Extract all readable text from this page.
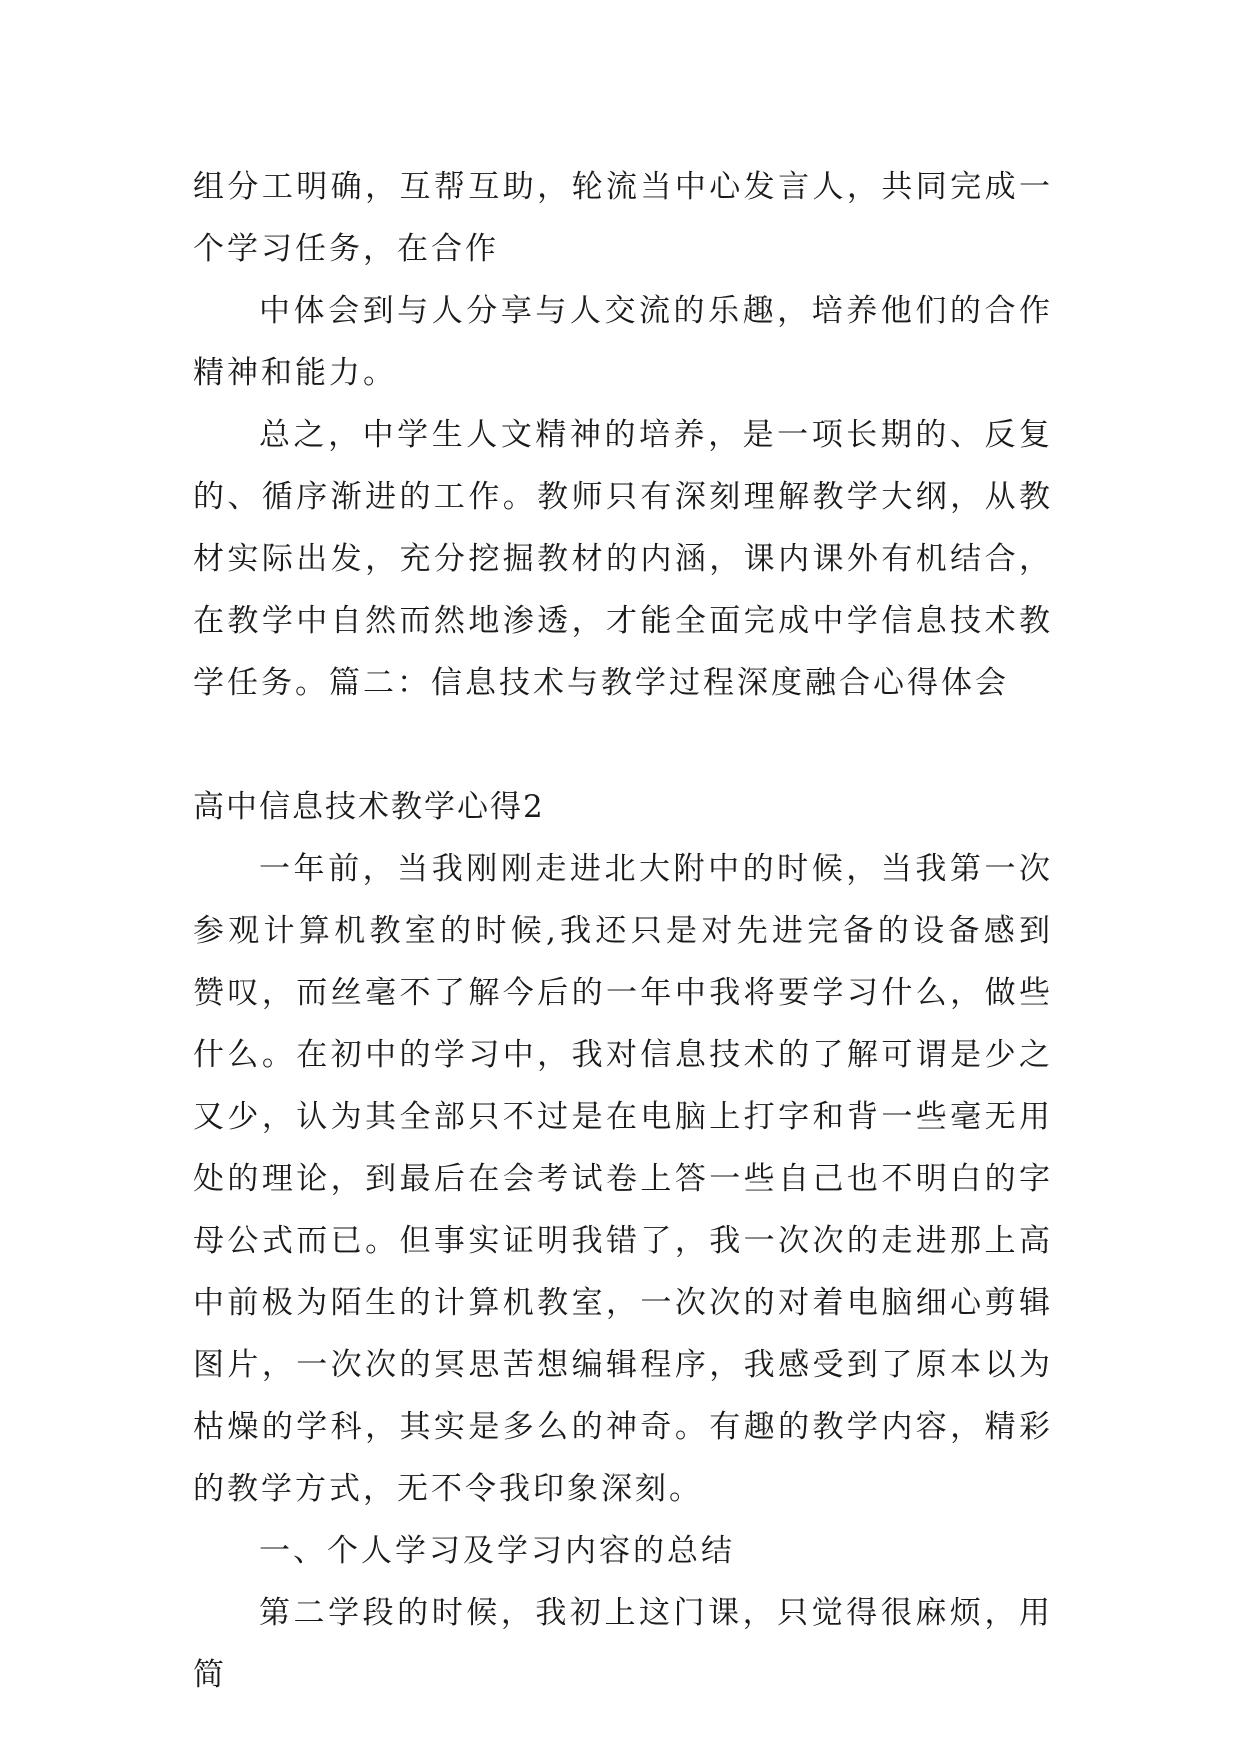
组分工明确，互帮互助，轮流当中心发言人，共同完成一个学习任务，在合作

中体会到与人分享与人交流的乐趣，培养他们的合作精神和能力。

总之，中学生人文精神的培养，是一项长期的、反复的、循序渐进的工作。教师只有深刻理解教学大纲，从教材实际出发，充分挖掘教材的内涵，课内课外有机结合，在教学中自然而然地渗透，才能全面完成中学信息技术教学任务。篇二：信息技术与教学过程深度融合心得体会

高中信息技术教学心得2

一年前，当我刚刚走进北大附中的时候，当我第一次参观计算机教室的时候,我还只是对先进完备的设备感到赞叹，而丝毫不了解今后的一年中我将要学习什么，做些什么。在初中的学习中，我对信息技术的了解可谓是少之又少，认为其全部只不过是在电脑上打字和背一些毫无用处的理论，到最后在会考试卷上答一些自己也不明白的字母公式而已。但事实证明我错了，我一次次的走进那上高中前极为陌生的计算机教室，一次次的对着电脑细心剪辑图片，一次次的冥思苦想编辑程序，我感受到了原本以为枯燥的学科，其实是多么的神奇。有趣的教学内容，精彩的教学方式，无不令我印象深刻。

一、个人学习及学习内容的总结

第二学段的时候，我初上这门课，只觉得很麻烦，用简
